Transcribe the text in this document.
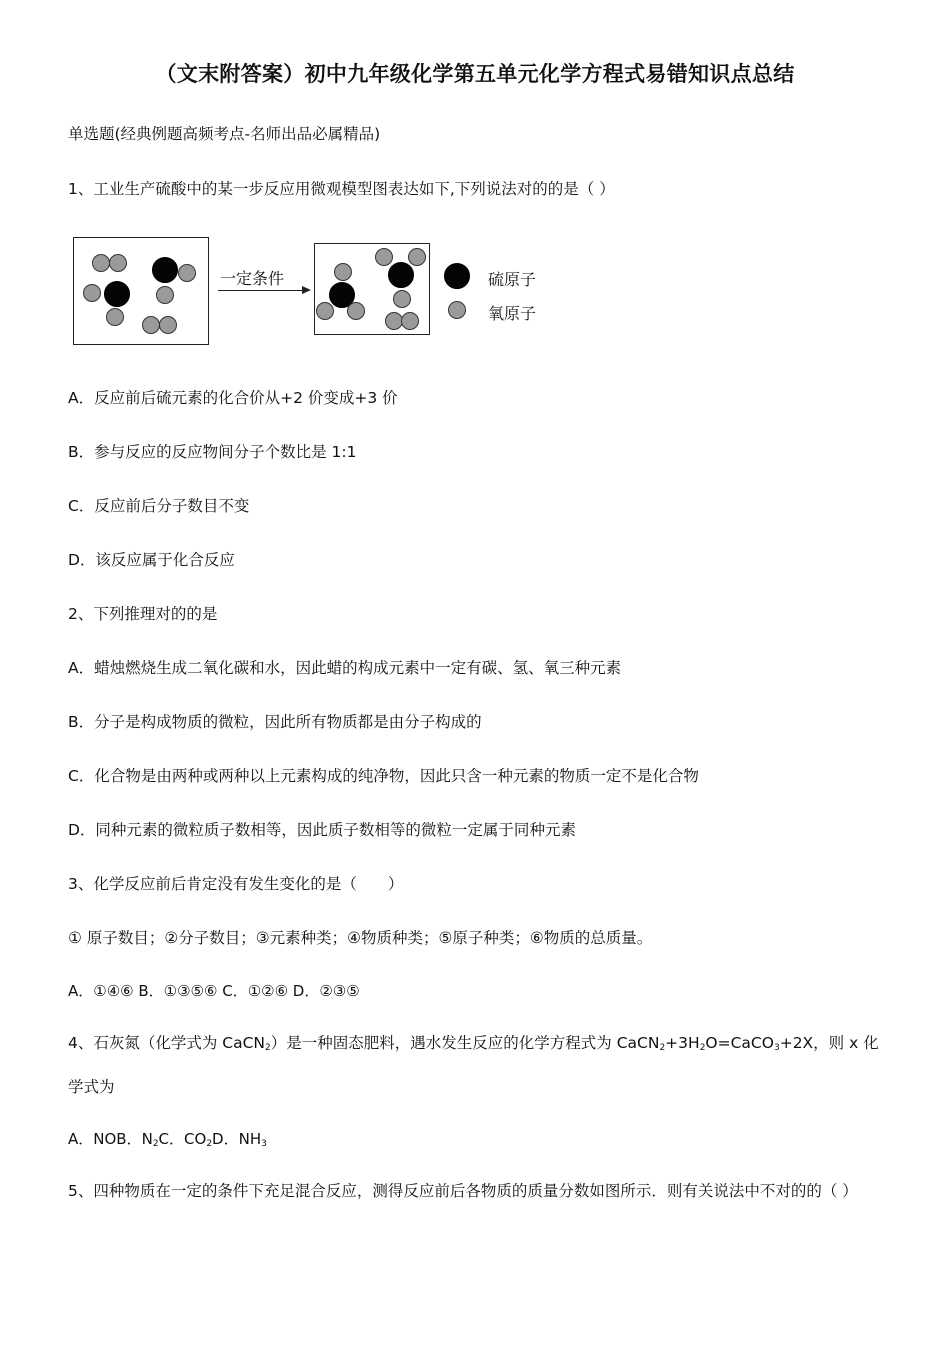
（文末附答案）初中九年级化学第五单元化学方程式易错知识点总结
单选题(经典例题高频考点-名师出品必属精品)
1、工业生产硫酸中的某一步反应用微观模型图表达如下,下列说法对的的是（ ）
一定条件	硫原子
氧原子
A．反应前后硫元素的化合价从+2 价变成+3 价
B．参与反应的反应物间分子个数比是 1:1
C．反应前后分子数目不变
D．该反应属于化合反应
2、下列推理对的的是
A．蜡烛燃烧生成二氧化碳和水，因此蜡的构成元素中一定有碳、氢、氧三种元素
B．分子是构成物质的微粒，因此所有物质都是由分子构成的
C．化合物是由两种或两种以上元素构成的纯净物，因此只含一种元素的物质一定不是化合物
D．同种元素的微粒质子数相等，因此质子数相等的微粒一定属于同种元素
3、化学反应前后肯定没有发生变化的是（　　）
① 原子数目；②分子数目；③元素种类；④物质种类；⑤原子种类；⑥物质的总质量。
A．①④⑥ B．①③⑤⑥ C．①②⑥ D．②③⑤
4、石灰氮（化学式为 CaCN$_2$）是一种固态肥料，遇水发生反应的化学方程式为 $CaCN_2+3H_2O=CaCO_3+2X$，则 x 化学式为
A．NOB．$N_2C$．$CO_2D$．$NH_3$
5、四种物质在一定的条件下充足混合反应，测得反应前后各物质的质量分数如图所示．则有关说法中不对的的（ ）
